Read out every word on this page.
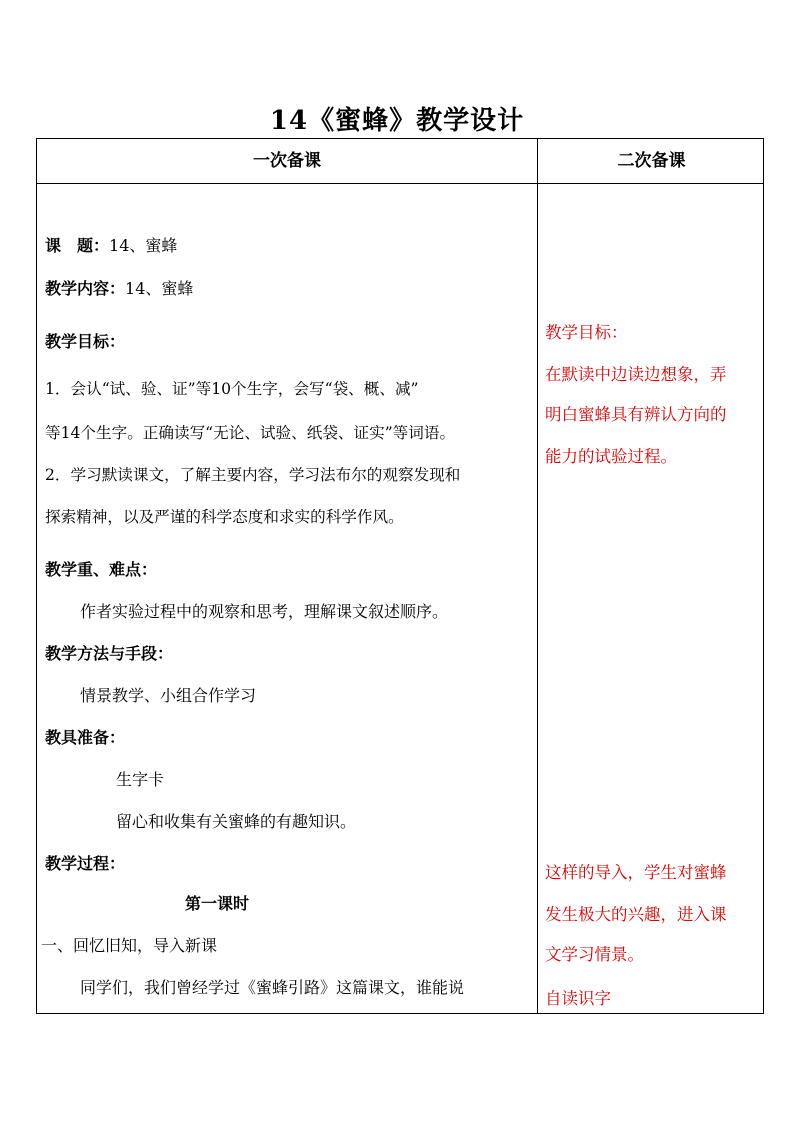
14《蜜蜂》教学设计
一次备课	二次备课
课　题：14、蜜蜂
教学内容：14、蜜蜂
教学目标：
1．会认“试、验、证”等10个生字，会写“袋、概、减”
等14个生字。正确读写“无论、试验、纸袋、证实”等词语。
2．学习默读课文，了解主要内容，学习法布尔的观察发现和
探索精神，以及严谨的科学态度和求实的科学作风。
教学重、难点：
作者实验过程中的观察和思考，理解课文叙述顺序。
教学方法与手段：
情景教学、小组合作学习
教具准备：
生字卡
留心和收集有关蜜蜂的有趣知识。
教学过程：
第一课时
一、回忆旧知，导入新课
同学们，我们曾经学过《蜜蜂引路》这篇课文，谁能说
教学目标：
在默读中边读边想象，弄
明白蜜蜂具有辨认方向的
能力的试验过程。
这样的导入，学生对蜜蜂
发生极大的兴趣，进入课
文学习情景。
自读识字
